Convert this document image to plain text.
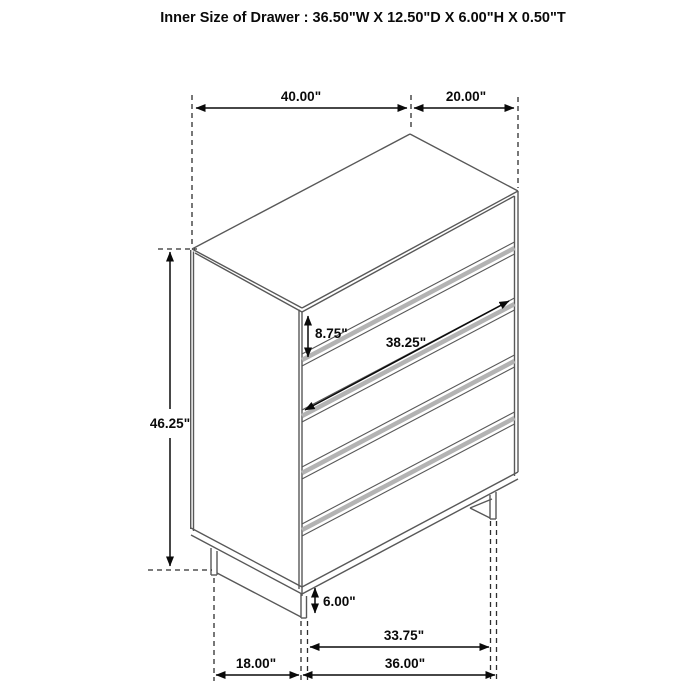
Inner Size of Drawer : 36.50"W X 12.50"D X 6.00"H X 0.50"T
40.00"	20.00"
46.25"
8.75"
38.25"
6.00"
33.75"
36.00"
18.00"
